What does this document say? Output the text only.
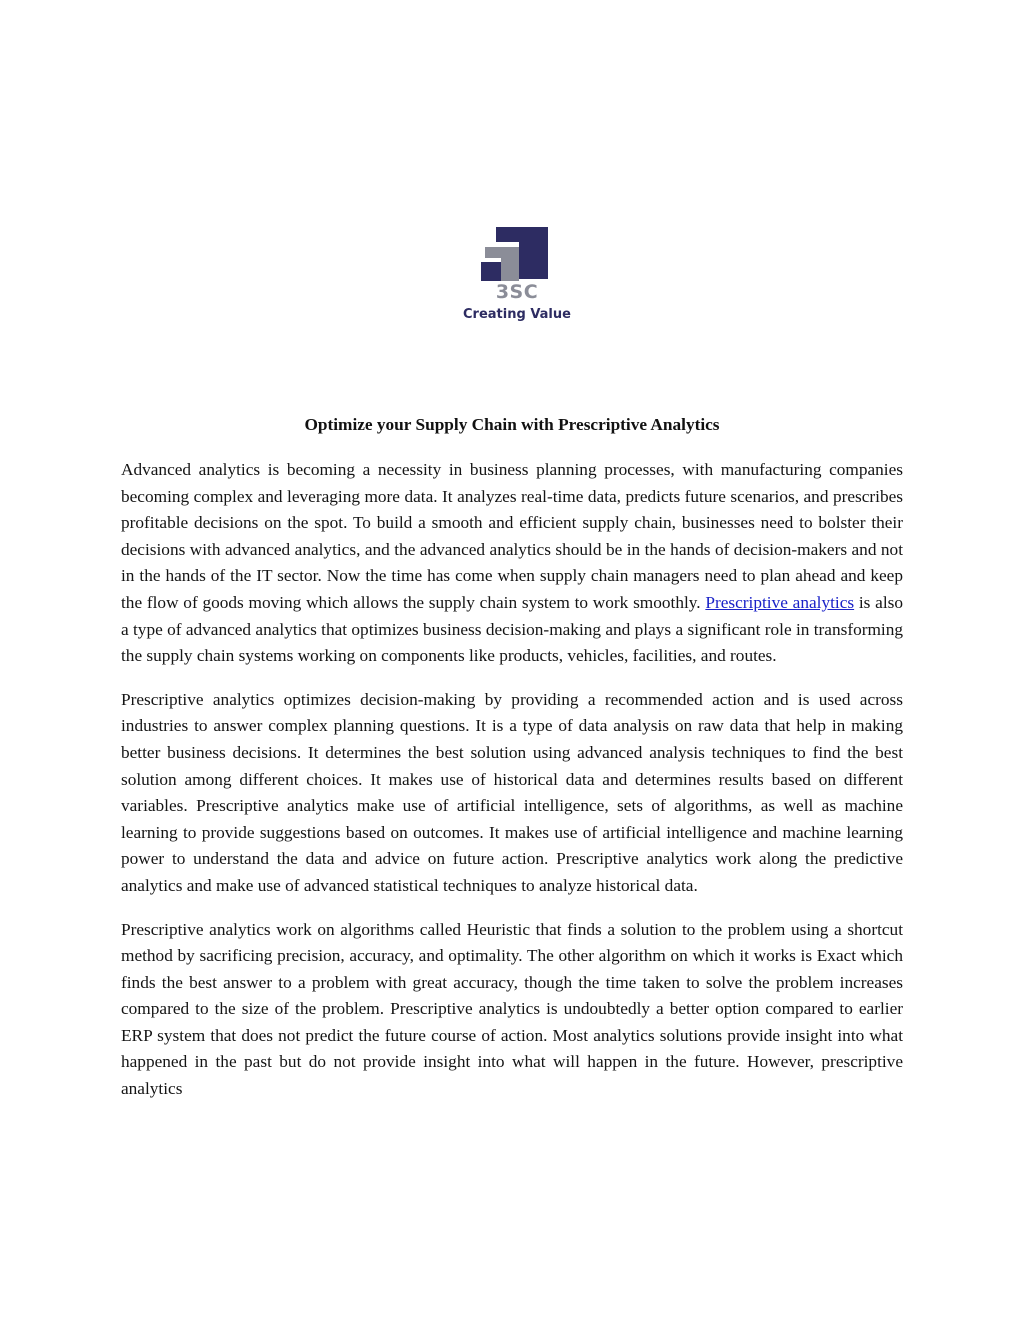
3SC
Creating Value
Optimize your Supply Chain with Prescriptive Analytics

Advanced analytics is becoming a necessity in business planning processes, with manufacturing companies becoming complex and leveraging more data. It analyzes real-time data, predicts future scenarios, and prescribes profitable decisions on the spot. To build a smooth and efficient supply chain, businesses need to bolster their decisions with advanced analytics, and the advanced analytics should be in the hands of decision-makers and not in the hands of the IT sector. Now the time has come when supply chain managers need to plan ahead and keep the flow of goods moving which allows the supply chain system to work smoothly. Prescriptive analytics is also a type of advanced analytics that optimizes business decision-making and plays a significant role in transforming the supply chain systems working on components like products, vehicles, facilities, and routes.

Prescriptive analytics optimizes decision-making by providing a recommended action and is used across industries to answer complex planning questions. It is a type of data analysis on raw data that help in making better business decisions. It determines the best solution using advanced analysis techniques to find the best solution among different choices. It makes use of historical data and determines results based on different variables. Prescriptive analytics make use of artificial intelligence, sets of algorithms, as well as machine learning to provide suggestions based on outcomes. It makes use of artificial intelligence and machine learning power to understand the data and advice on future action. Prescriptive analytics work along the predictive analytics and make use of advanced statistical techniques to analyze historical data.

Prescriptive analytics work on algorithms called Heuristic that finds a solution to the problem using a shortcut method by sacrificing precision, accuracy, and optimality. The other algorithm on which it works is Exact which finds the best answer to a problem with great accuracy, though the time taken to solve the problem increases compared to the size of the problem. Prescriptive analytics is undoubtedly a better option compared to earlier ERP system that does not predict the future course of action. Most analytics solutions provide insight into what happened in the past but do not provide insight into what will happen in the future. However, prescriptive analytics
